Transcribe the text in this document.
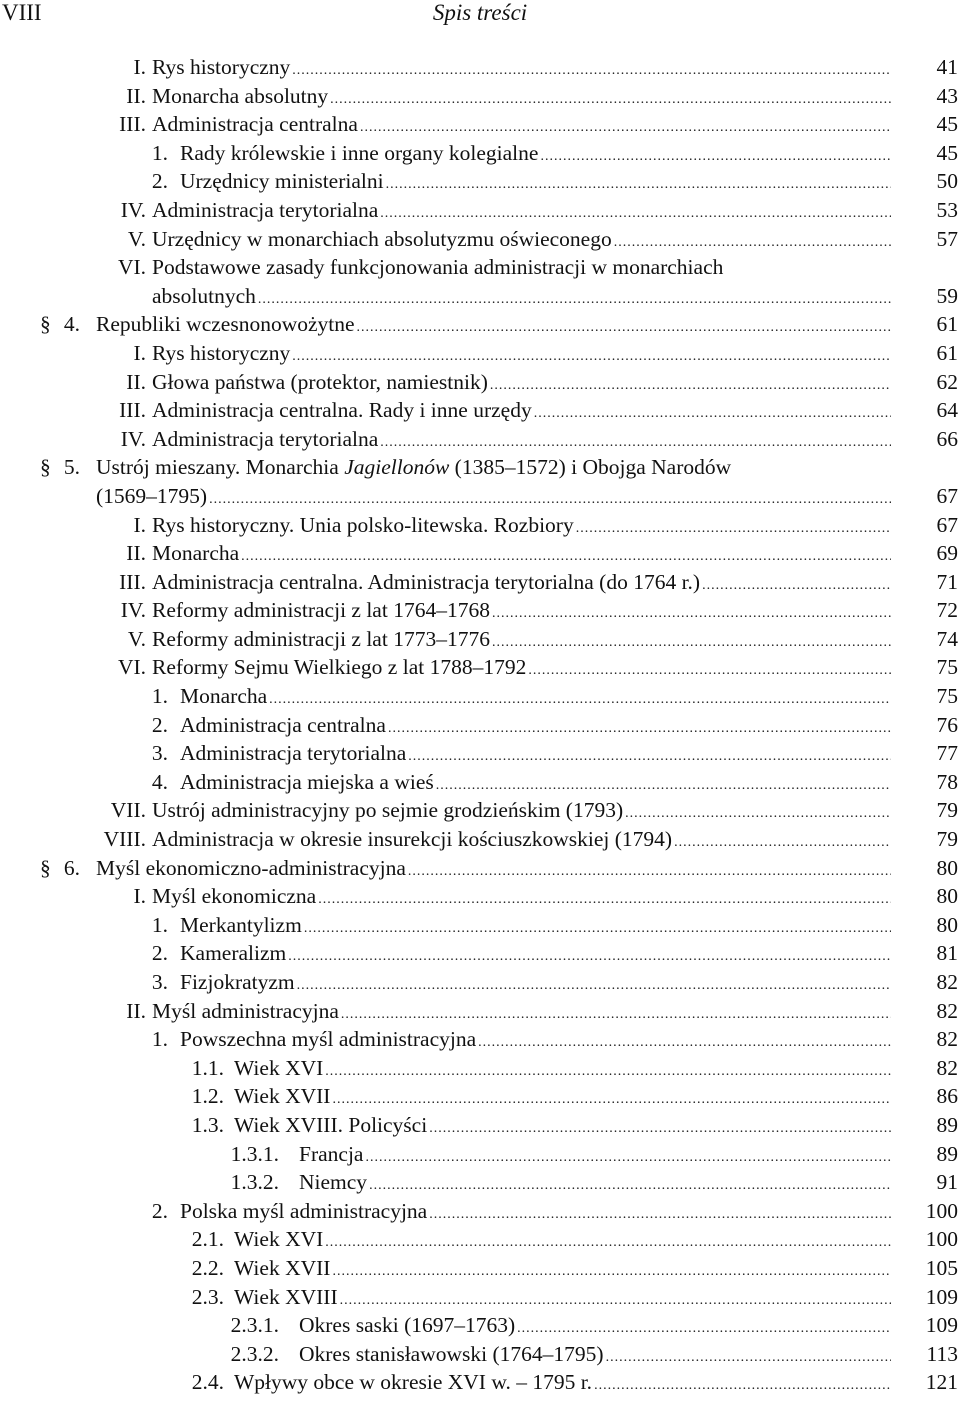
VIII	Spis treści
I. Rys historyczny .....	41
II. Monarcha absolutny .....	43
III. Administracja centralna .....	45
1. Rady królewskie i inne organy kolegialne .....	45
2. Urzędnicy ministerialni .....	50
IV. Administracja terytorialna .....	53
V. Urzędnicy w monarchiach absolutyzmu oświeconego .....	57
VI. Podstawowe zasady funkcjonowania administracji w monarchiach
absolutnych .....	59
§ 4. Republiki wczesnonowożytne .....	61
I. Rys historyczny .....	61
II. Głowa państwa (protektor, namiestnik) .....	62
III. Administracja centralna. Rady i inne urzędy .....	64
IV. Administracja terytorialna .....	66
§ 5. Ustrój mieszany. Monarchia Jagiellonów (1385–1572) i Obojga Narodów
(1569–1795) .....	67
I. Rys historyczny. Unia polsko-litewska. Rozbiory .....	67
II. Monarcha .....	69
III. Administracja centralna. Administracja terytorialna (do 1764 r.) .....	71
IV. Reformy administracji z lat 1764–1768 .....	72
V. Reformy administracji z lat 1773–1776 .....	74
VI. Reformy Sejmu Wielkiego z lat 1788–1792 .....	75
1. Monarcha .....	75
2. Administracja centralna .....	76
3. Administracja terytorialna .....	77
4. Administracja miejska a wieś .....	78
VII. Ustrój administracyjny po sejmie grodzieńskim (1793) .....	79
VIII. Administracja w okresie insurekcji kościuszkowskiej (1794) .....	79
§ 6. Myśl ekonomiczno-administracyjna .....	80
I. Myśl ekonomiczna .....	80
1. Merkantylizm .....	80
2. Kameralizm .....	81
3. Fizjokratyzm .....	82
II. Myśl administracyjna .....	82
1. Powszechna myśl administracyjna .....	82
1.1. Wiek XVI .....	82
1.2. Wiek XVII .....	86
1.3. Wiek XVIII. Policyści .....	89
1.3.1. Francja .....	89
1.3.2. Niemcy .....	91
2. Polska myśl administracyjna .....	100
2.1. Wiek XVI .....	100
2.2. Wiek XVII .....	105
2.3. Wiek XVIII .....	109
2.3.1. Okres saski (1697–1763) .....	109
2.3.2. Okres stanisławowski (1764–1795) .....	113
2.4. Wpływy obce w okresie XVI w. – 1795 r. .....	121
